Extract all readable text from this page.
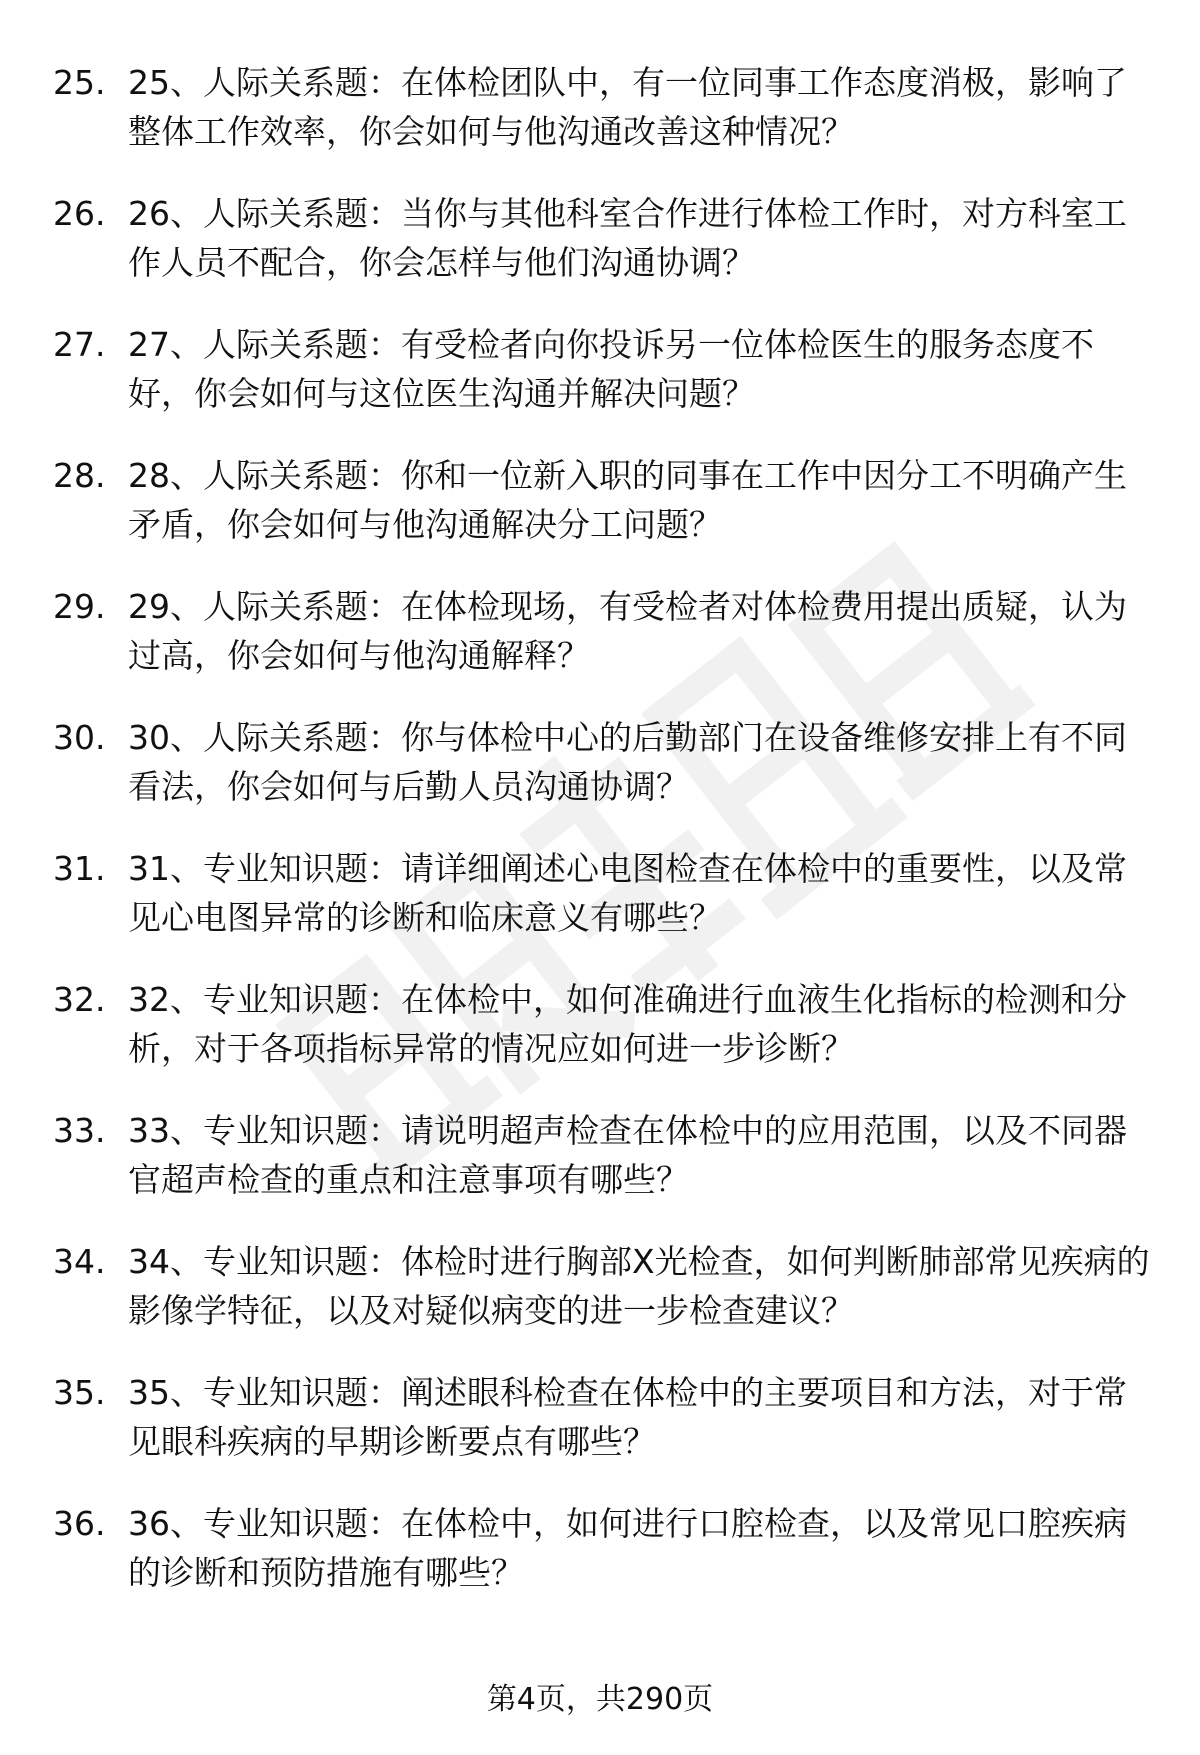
25. 25、人际关系题：在体检团队中，有一位同事工作态度消极，影响了整体工作效率，你会如何与他沟通改善这种情况？
26. 26、人际关系题：当你与其他科室合作进行体检工作时，对方科室工作人员不配合，你会怎样与他们沟通协调？
27. 27、人际关系题：有受检者向你投诉另一位体检医生的服务态度不好，你会如何与这位医生沟通并解决问题？
28. 28、人际关系题：你和一位新入职的同事在工作中因分工不明确产生矛盾，你会如何与他沟通解决分工问题？
29. 29、人际关系题：在体检现场，有受检者对体检费用提出质疑，认为过高，你会如何与他沟通解释？
30. 30、人际关系题：你与体检中心的后勤部门在设备维修安排上有不同看法，你会如何与后勤人员沟通协调？
31. 31、专业知识题：请详细阐述心电图检查在体检中的重要性，以及常见心电图异常的诊断和临床意义有哪些？
32. 32、专业知识题：在体检中，如何准确进行血液生化指标的检测和分析，对于各项指标异常的情况应如何进一步诊断？
33. 33、专业知识题：请说明超声检查在体检中的应用范围，以及不同器官超声检查的重点和注意事项有哪些？
34. 34、专业知识题：体检时进行胸部X光检查，如何判断肺部常见疾病的影像学特征，以及对疑似病变的进一步检查建议？
35. 35、专业知识题：阐述眼科检查在体检中的主要项目和方法，对于常见眼科疾病的早期诊断要点有哪些？
36. 36、专业知识题：在体检中，如何进行口腔检查，以及常见口腔疾病的诊断和预防措施有哪些？
第4页，共290页
